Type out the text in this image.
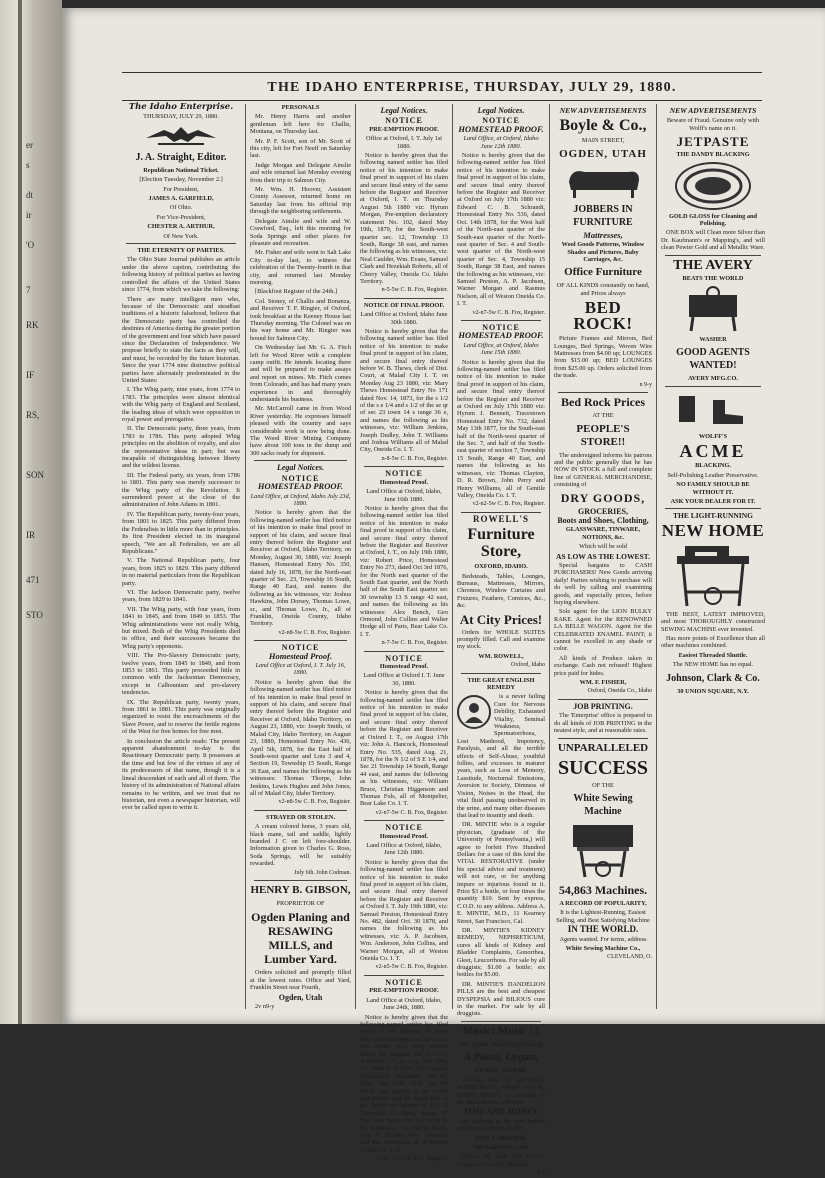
er
s
dt
ir
'O
7
RK
IF
RS,
SON
IR
STO
471
THE IDAHO ENTERPRISE, THURSDAY, JULY 29, 1880.

The Idaho Enterprise.

THURSDAY, JULY 29, 1880.

J. A. Straight, Editor.

Republican National Ticket.

[Election Tuesday, November 2.]

For President,

JAMES A. GARFIELD,

Of Ohio.

For Vice-President,

CHESTER A. ARTHUR,

Of New York.

THE ETERNITY OF PARTIES.

The Ohio State Journal publishes an article under the above caption, contributing the following history of political parties as having controlled the affairs of the United States since 1774, from which we take the following:

There are many intelligent men who, because of the Democratic and steadfast traditions of a historic falsehood, believe that the Democratic party has controlled the destinies of America during the greater portion of the government and four which have passed since the Declaration of Independence. We propose briefly to state the facts as they will, and must, be recorded by the future historian. Since the year 1774 nine distinctive political parties have alternately predominated in the United States:

I. The Whig party, nine years, from 1774 to 1783. The principles were almost identical with the Whig party of England and Scotland, the leading ideas of which were opposition to royal power and prerogative.

II. The Democratic party, three years, from 1783 to 1786. This party adopted Whig principles on the abolition of royalty, and also the representative ideas in part; but was incapable of distinguishing between liberty and the wildest license.

III. The Federal party, six years, from 1786 to 1801. This party was merely successor to the Whig party of the Revolution. It surrendered power at the close of the administration of John Adams in 1801.

IV. The Republican party, twenty-four years, from 1801 to 1825. This party differed from the Federalists in little more than in principles. Its first President elected in its inaugural speech, "We are all Federalists, we are all Republicans."

V. The National Republican party, four years, from 1825 to 1829. This party differed in no material particulars from the Republican party.

VI. The Jackson Democratic party, twelve years, from 1829 to 1841.

VII. The Whig party, with four years, from 1841 to 1845, and from 1849 to 1853. The Whig administrations were not really Whig, but mixed. Both of the Whig Presidents died in office, and their successors became the Whig party's opponents.

VIII. The Pro-Slavery Democratic party, twelve years, from 1845 to 1849, and from 1853 to 1861. This party proceeded little in common with the Jacksonian Democracy, except in Calhounism and pro-slavery tendencies.

IX. The Republican party, twenty years, from 1861 to 1881. This party was originally organized to resist the encroachments of the Slave Power, and to reserve the fertile regions of the West for free homes for free men.

In conclusion the article reads: The present apparent abandonment to-day is the Reactionary Democratic party. It possesses at the time and but few of the virtues of any of its predecessors of that name, though it is a lineal descendant of each and all of them. The history of its administration of National affairs remains to be written, and we trust that no historian, not even a newspaper historian, will ever be called upon to write it.

PERSONALS

Mr. Henry Harris and another gentleman left here for Challis, Montana, on Thursday last.

Mr. P. F. Scott, son of Mr. Scott of this city, left for Fort Neeff on Saturday last.

Judge Morgan and Delegate Ainslie and wife returned last Monday evening from their trip to Salmon City.

Mr. Wm. H. Hoover, Assistant County Assessor, returned home on Saturday last from his official trip through the neighboring settlements.

Delegate Ainslie and wife and W. Crawford, Esq., left this morning for Soda Springs and other places for pleasure and recreation.

Mr. Fisher and wife went to Salt Lake City to-day last, to witness the celebration of the Twenty-fourth in that city, and returned last Monday morning.

[Blackfoot Register of the 24th.]

Col. Stoney, of Challis and Bonanza, and Receiver T. F. Ringier, of Oxford, took breakfast at the Keeney House last Thursday morning. The Colonel was on his way home and Mr. Ringier was bound for Salmon City.

On Wednesday last Mr. G. A. Fitch left for Wood River with a complete camp outfit. He intends locating there and will be prepared to make assays and report on mines. Mr. Fitch comes from Colorado, and has had many years experience in and thoroughly understands his business.

Mr. McCarroll came in from Wood River yesterday. He expresses himself pleased with the country and says considerable work is now being done. The Wood River Mining Company have about 100 tons in the dump and 300 sacks ready for shipment.

Legal Notices.

NOTICE

HOMESTEAD PROOF.

Land Office, at Oxford, Idaho July 23d, 1880.

Notice is hereby given that the following-named settler has filed notice of his intention to make final proof in support of his claim, and secure final entry thereof before the Register and Receiver at Oxford, Idaho Territory, on Monday, August 30, 1880, viz: Joseph Hansen, Homestead Entry No. 350, dated July 16, 1878, for the North-east quarter of Sec. 23, Township 16 South, Range 40 East, and names the following as his witnesses, viz: Joshua Hawkins, John Dorsey, Thomas Lowe, sr., and Thomas Lowe, Jr., all of Franklin, Oneida County, Idaho Territory.

v2-n8-5w C. B. Fox, Register.

NOTICE

Homestead Proof.

Land Office at Oxford, I. T. July 16, 1880.

Notice is hereby given that the following-named settler has filed notice of his intention to make final proof in support of his claim, and secure final entry thereof before the Register and Receiver at Oxford, Idaho Territory, on August 23, 1880, viz: Joseph Smith, of Malad City, Idaho Territory, on August 23, 1880, Homestead Entry No. 436, April 5th, 1878, for the East half of South-west quarter and Lots 3 and 4, Section 19, Township 15 South, Range 36 East, and names the following as his witnesses: Thomas Thorpe, John Jenkins, Lewis Hughes and John Jones, all of Malad City, Idaho Territory.

v2-n8-5w C. B. Fox, Register.

STRAYED OR STOLEN.

A cream colored horse, 3 years old, black mane, tail and saddle, lightly branded J C on left fore-shoulder. Information given to Charles G. Ross, Soda Springs, will be suitably rewarded.

July 6th. John Codman.

HENRY B. GIBSON,

PROPRIETOR OF

Ogden Planing and RESAWING MILLS, and Lumber Yard.

Orders solicited and promptly filled at the lowest rates. Office and Yard, Franklin Street near Fourth,

Ogden, Utah

2v n9-y

Legal Notices.

NOTICE

PRE-EMPTION PROOF.

Office at Oxford, I. T. July 1st 1880.

Notice is hereby given that the following named settler has filed notice of his intention to make final proof in support of his claim and secure final entry of the same before the Register and Receiver at Oxford, I. T. on Thursday August 5th 1880 viz: Hyrum Morgan, Pre-emption declaratory statement No. 102, dated May 19th, 1879, for the South-west quarter sec. 12, Township 13 South, Range 38 east, and names the following as his witnesses, viz: Neal Caulder, Wm. Evans, Samuel Clark and Hezekiah Roberts, all of Cherry Valley, Oneida Co. Idaho Territory.

n-5-5w C. B. Fox, Register.

NOTICE OF FINAL PROOF.

Land Office at Oxford, Idaho June 30th 1880.

Notice is hereby given that the following named settler has filed notice of his intention to make final proof in support of his claim, and secure final entry thereof before W. B. Thews, clerk of Dist. Court, at Malad City I. T. on Monday Aug 23 1880, viz: Mary Thews Homestead Entry No 171 dated Nov. 14, 1873, for the s 1/2 of the s e 1/4 and s 1/2 of the se qr of sec 23 town 14 s range 36 e, and names the following as his witnesses, viz: William Jenkins, Joseph Dudley, John T. Williams and Joshua Williams all of Malad City, Oneida Co. I. T.

n-8-5w C. B. Fox, Register.

NOTICE

Homestead Proof.

Land Office at Oxford, Idaho, June 16th 1880.

Notice is hereby given that the following-named settler has filed notice of his intention to make final proof in support of his claim, and secure final entry thereof before the Register and Receiver at Oxford, I. T., on July 19th 1880, viz: Robert Price, Homestead Entry No 273, dated Oct 3rd 1876, for the North east quarter of the South East quarter, and the North half of the South East quarter sec 30 township 13 S range 42 east, and names the following as his witnesses: Alex Bench, Geo Ormond, John Collins and Walter Hodge all of Paris, Bear Lake Co. I. T.

n-7-5w C. B. Fox, Register.

NOTICE

Homestead Proof.

Land Office at Oxford I. T. June 30, 1880.

Notice is hereby given that the following-named settler has filed notice of his intention to make final proof in support of his claim, and secure final entry thereof before the Register and Receiver at Oxford I. T., on August 17th viz: John A. Hancock, Homestead Entry No. 535, dated Aug. 21, 1878, for the N 1/2 of S E 1/4, and Sec 21 Township 14 South, Range 44 east, and names the following as his witnesses, viz: William Bruce, Christian Higgenson and Thomas Fols, all of Montpelier, Bear Lake Co. I. T.

v2-n7-5w C. B. Fox, Register.

NOTICE

Homestead Proof.

Land Office at Oxford, Idaho, June 12th 1880.

Notice is hereby given that the following-named settler has filed notice of his intention to make final proof in support of his claim, and secure final entry thereof before the Register and Receiver at Oxford I. T. July 19th 1880, viz: Samuel Preston, Homestead Entry No. 482, dated Oct. 30 1878, and names the following as his witnesses, viz: A. P. Jacobsen, Wm. Anderson, John Collins, and Warner Morgan, all of Weston Oneida Co. I. T.

v2-n5-5w C. B. Fox, Register.

NOTICE

PRE-EMPTION PROOF.

Land Office at Oxford, Idaho, June 24th, 1880.

Notice is hereby given that the following-named settler has filed notice of his intention to make final proof in support of his claim, and secure final entry thereof before the Register and Receiver at Oxford I. T. on Aug 18th 1880, viz: Samuel A. Hunt, Pre-emption Declaratory Statement, No 86, dated Dec 24th 1878, for the South east quarter of the South east quarter and the South half of the South east quarter of Sec 16 Township 13 South, Range 37 East, and names the following as his witnesses, viz: David Black, Wm. H. Homer, Wm. Thornton and Jno. Hendricks all of Oxford Oneida Co. I. T.

v2-n2-5w C. B. Fox, Register.

Legal Notices.

NOTICE

HOMESTEAD PROOF.

Land Office, at Oxford, Idaho June 12th 1880.

Notice is hereby given that the following-named settler has filed notice of his intention to make final proof in support of his claim, and secure final entry thereof before the Register and Receiver at Oxford on July 17th 1880 viz: Edward C. B. Schrandt, Homestead Entry No. 536, dated Oct. 14th 1878, for the West half of the North-east quarter of the South-east quarter of the North-east quarter of Sec. 4 and South-west quarter of the North-west quarter of Sec. 4, Township 15 South, Range 38 East, and names the following as his witnesses, viz: Samuel Preston, A. P. Jacobsen, Warner Morgan and Rasmus Nielson, all of Weston Oneida Co. I. T.

v2-n7-5w C. B. Fox, Register.

NOTICE

HOMESTEAD PROOF.

Land Office, at Oxford, Idaho June 15th 1880.

Notice is hereby given that the following-named settler has filed notice of his intention to make final proof in support of his claim, and secure final entry thereof before the Register and Receiver at Oxford on July 17th 1880 viz: Hyrum J. Bennett, Tracestown Homestead Entry No. 732, dated May 13th 1877, for the South-east half of the North-west quarter of the Sec. 7, and half of the South-east quarter of section 7, Township 15 South, Range 40 East, and names the following as his witnesses, viz: Thomas Clayton, D. R. Brown, John Perry and Henry Williams, all of Gentile Valley, Oneida Co. I. T.

v2-n2-5w C. B. Fox, Register.

ROWELL'S

Furniture Store,

OXFORD, IDAHO.

Bedsteads, Tables, Lounges, Bureaus, Mattresses, Mirrors, Chromos, Window Curtains and Fixtures, Feathers, Cornices, &c., &c.

At City Prices!

Orders for WHOLE SUITES promptly filled. Call and examine my stock.

WM. ROWELL,

Oxford, Idaho

THE GREAT ENGLISH REMEDY

is a never failing Cure for Nervous Debility, Exhausted Vitality, Seminal Weakness, Spermatorrhoea, Lost Manhood, Impotency, Paralysis, and all the terrible effects of Self-Abuse, youthful follies, and excesses in maturer years, such as Loss of Memory, Lassitude, Nocturnal Emissions, Aversion to Society, Dimness of Vision, Noises in the Head, the vital fluid passing unobserved in the urine, and many other diseases that lead to insanity and death.

DR. MINTIE who is a regular physician, (graduate of the University of Pennsylvania,) will agree to forfeit Five Hundred Dollars for a case of this kind the VITAL RESTORATIVE (under his special advice and treatment) will not cure, or for anything impure or injurious found in it. Price $3 a bottle, or four times the quantity $10. Sent by express, C.O.D. to any address. Address A. E. MINTIE, M.D., 11 Kearney Street, San Francisco, Cal.

DR. MINTIE'S KIDNEY REMEDY, NEPHRETICUM, cures all kinds of Kidney and Bladder Complaints, Gonorrhea, Gleet, Leucorrhoea. For sale by all druggists; $1.00 a bottle; six bottles for $5.00.

DR. MINTIE'S DANDELION PILLS are the best and cheapest DYSPEPSIA and BILIOUS cure in the market. For sale by all druggists.

Music! Music ! !

Any person intending purchasing

A Piano, Organ,

VIOLIN, GUITAR,

Or any kind of MUSICAL INSTRUMENT, MUSIC BOOK, SHEET MUSIC, or anything in the Musical line, will save

TIME AND MONEY,

by applying at the well known and Popular Music Dealer,

GEO. CARELESS,

Salt Lake City, Utah

Orders by mail will receive prompt and careful attention.

n 9

NEW ADVERTISEMENTS

Boyle & Co.,

MAIN STREET,

OGDEN, UTAH

JOBBERS IN FURNITURE

Mattresses,

Wool Goods Patterns, Window Shades and Pictures, Baby Carriages, &c.

Office Furniture

OF ALL KINDS constantly on hand, and Prices always

BED ROCK!

Picture Frames and Mirrors, Bed Lounges, Bed Springs, Woven Wire Mattresses from $4.00 up; LOUNGES from $15.00 up; BED LOUNGES from $25.00 up. Orders solicited from the trade.

n 9-y

Bed Rock Prices

AT THE

PEOPLE'S STORE!!

The undersigned informs his patrons and the public generally that he has NOW IN STOCK a full and complete line of GENERAL MERCHANDISE, consisting of

DRY GOODS,

GROCERIES,

Boots and Shoes, Clothing,

GLASSWARE, TINWARE, NOTIONS, &c.

Which will be sold

AS LOW AS THE LOWEST.

Special bargains to CASH PURCHASERS! New Goods arriving daily! Parties wishing to purchase will do well by calling and examining goods, and especially prices, before buying elsewhere.

Sole agent for the LION BULKY RAKE. Agent for the RENOWNED LA BELLE WAGON. Agent for the CELEBRATED ENAMEL PAINT; it cannot be excelled in any shade or color.

All kinds of Produce taken in exchange. Cash not refused! Highest price paid for hides.

WM. F. FISHER,

Oxford, Oneida Co., Idaho

JOB PRINTING.

The 'Enterprise' office is prepared to do all kinds of JOB PRINTING in the neatest style, and at reasonable rates.

UNPARALLELED

SUCCESS

OF THE

White Sewing Machine

54,863 Machines.

A RECORD OF POPULARITY,

It is the Lightest-Running, Easiest Selling, and Best Satisfying Machine

IN THE WORLD.

Agents wanted. For terms, address

White Sewing Machine Co.,

CLEVELAND, O.

NEW ADVERTISEMENTS

Beware of Fraud. Genuine only with Wolff's name on it.

JETPASTE

THE DANDY BLACKING

GOLD GLOSS for Cleaning and Polishing.

ONE BOX will Clean more Silver than Dr. Kaufmann's or Mapping's, and will clean Pewter Gold and all Metallic Ware.

THE AVERY

BEATS THE WORLD

WASHER

GOOD AGENTS WANTED!

AVERY MFG.CO.

WOLFF'S

ACME

BLACKING.

Self-Polishing Leather Preservative.

NO FAMILY SHOULD BE WITHOUT IT.

ASK YOUR DEALER FOR IT.

THE LIGHT-RUNNING

NEW HOME

THE BEST, LATEST IMPROVED, and most THOROUGHLY constructed SEWING MACHINE ever invented.

Has more points of Excellence than all other machines combined.

Easiest Threaded Shuttle.

The NEW HOME has no equal.

Johnson, Clark & Co.

30 UNION SQUARE, N.Y.
